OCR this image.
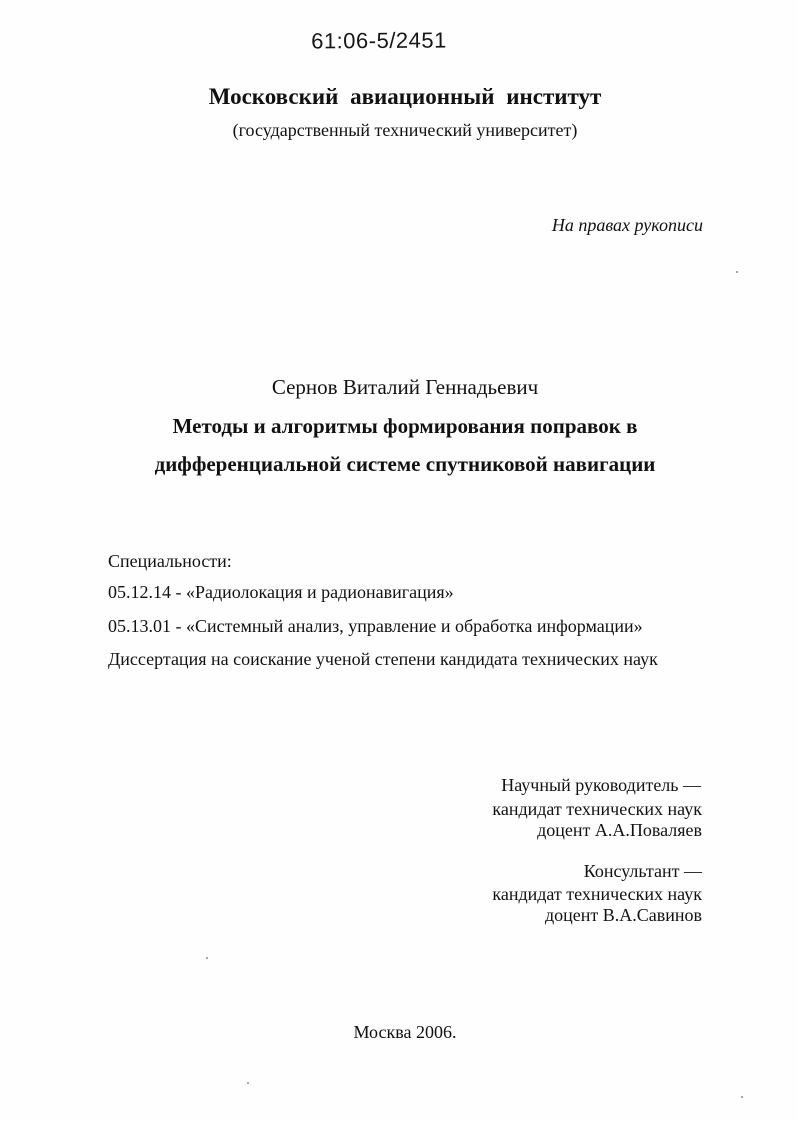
61:06-5/2451
Московский авиационный институт
(государственный технический университет)
На правах рукописи
Сернов Виталий Геннадьевич
Методы и алгоритмы формирования поправок в
дифференциальной системе спутниковой навигации
Специальности:
05.12.14 - «Радиолокация и радионавигация»
05.13.01 - «Системный анализ, управление и обработка информации»
Диссертация на соискание ученой степени кандидата технических наук
Научный руководитель —
кандидат технических наук
доцент А.А.Поваляев
Консультант —
кандидат технических наук
доцент В.А.Савинов
Москва 2006.
